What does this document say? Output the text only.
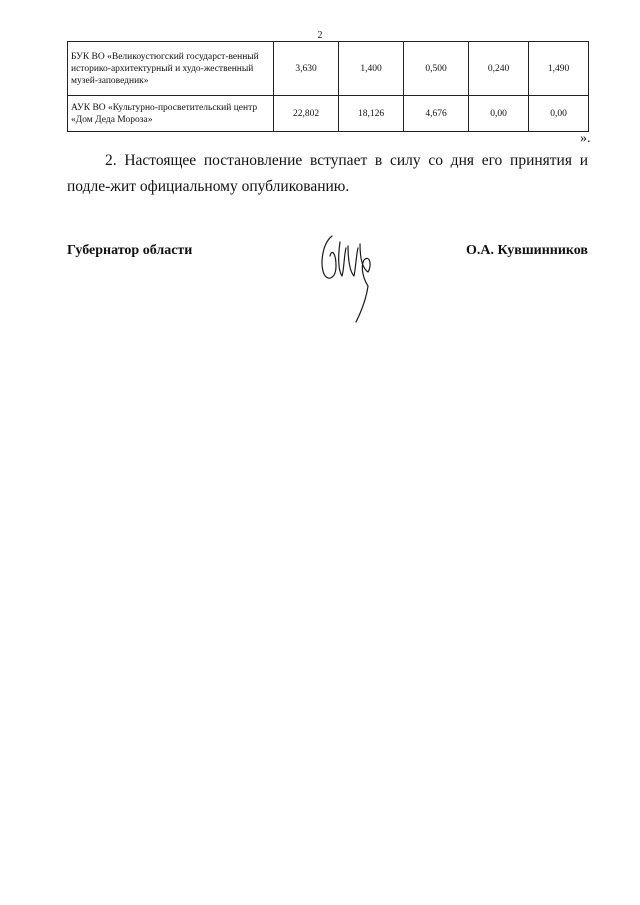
2
БУК ВО «Великоустюгский государст-венный историко-архитектурный и худо-жественный музей-заповедник»	3,630	1,400	0,500	0,240	1,490
АУК ВО «Культурно-просветительский центр «Дом Деда Мороза»	22,802	18,126	4,676	0,00	0,00
».

2. Настоящее постановление вступает в силу со дня его принятия и подле-жит официальному опубликованию.

Губернатор области	О.А. Кувшинников
